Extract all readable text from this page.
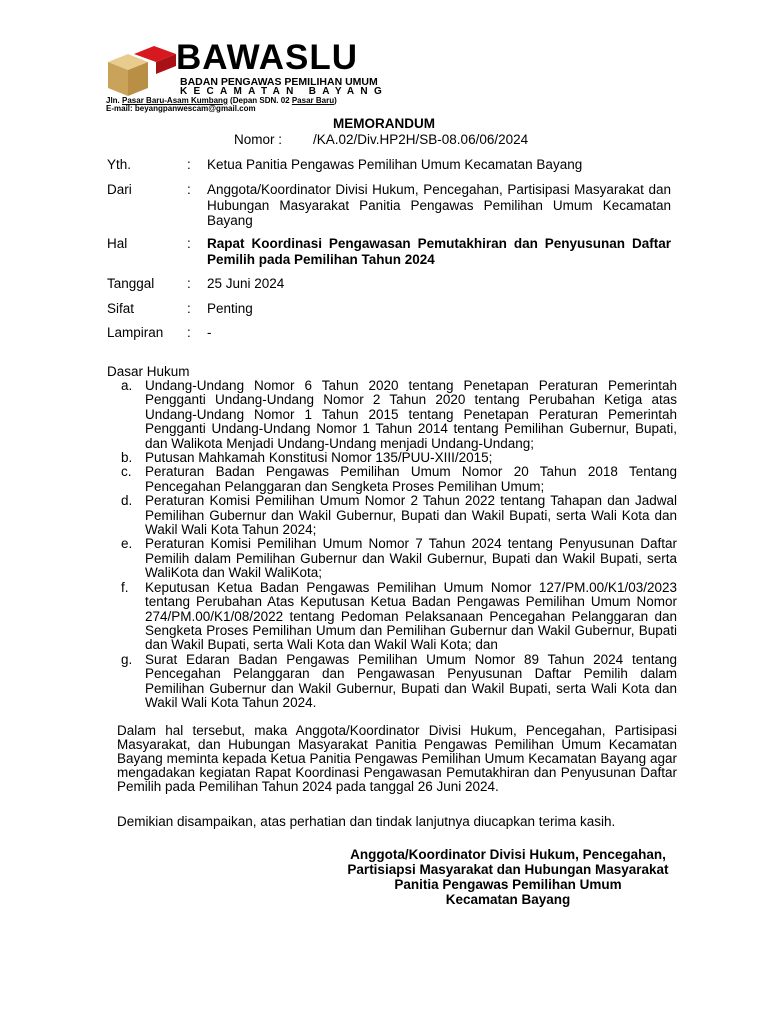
BAWASLU
BADAN PENGAWAS PEMILIHAN UMUM
KECAMATAN BAYANG
Jln. Pasar Baru-Asam Kumbang (Depan SDN. 02 Pasar Baru)
E-mail: beyangpanwescam@gmail.com
MEMORANDUM
Nomor : /KA.02/Div.HP2H/SB-08.06/06/2024
Yth.	: Ketua Panitia Pengawas Pemilihan Umum Kecamatan Bayang
Dari	: Anggota/Koordinator Divisi Hukum, Pencegahan, Partisipasi Masyarakat dan Hubungan Masyarakat Panitia Pengawas Pemilihan Umum Kecamatan Bayang
Hal	: Rapat Koordinasi Pengawasan Pemutakhiran dan Penyusunan Daftar Pemilih pada Pemilihan Tahun 2024
Tanggal : 25 Juni 2024
Sifat	: Penting
Lampiran : -
Dasar Hukum
a. Undang-Undang Nomor 6 Tahun 2020 tentang Penetapan Peraturan Pemerintah Pengganti Undang-Undang Nomor 2 Tahun 2020 tentang Perubahan Ketiga atas Undang-Undang Nomor 1 Tahun 2015 tentang Penetapan Peraturan Pemerintah Pengganti Undang-Undang Nomor 1 Tahun 2014 tentang Pemilihan Gubernur, Bupati, dan Walikota Menjadi Undang-Undang menjadi Undang-Undang;
b. Putusan Mahkamah Konstitusi Nomor 135/PUU-XIII/2015;
c. Peraturan Badan Pengawas Pemilihan Umum Nomor 20 Tahun 2018 Tentang Pencegahan Pelanggaran dan Sengketa Proses Pemilihan Umum;
d. Peraturan Komisi Pemilihan Umum Nomor 2 Tahun 2022 tentang Tahapan dan Jadwal Pemilihan Gubernur dan Wakil Gubernur, Bupati dan Wakil Bupati, serta Wali Kota dan Wakil Wali Kota Tahun 2024;
e. Peraturan Komisi Pemilihan Umum Nomor 7 Tahun 2024 tentang Penyusunan Daftar Pemilih dalam Pemilihan Gubernur dan Wakil Gubernur, Bupati dan Wakil Bupati, serta WaliKota dan Wakil WaliKota;
f. Keputusan Ketua Badan Pengawas Pemilihan Umum Nomor 127/PM.00/K1/03/2023 tentang Perubahan Atas Keputusan Ketua Badan Pengawas Pemilihan Umum Nomor 274/PM.00/K1/08/2022 tentang Pedoman Pelaksanaan Pencegahan Pelanggaran dan Sengketa Proses Pemilihan Umum dan Pemilihan Gubernur dan Wakil Gubernur, Bupati dan Wakil Bupati, serta Wali Kota dan Wakil Wali Kota; dan
g. Surat Edaran Badan Pengawas Pemilihan Umum Nomor 89 Tahun 2024 tentang Pencegahan Pelanggaran dan Pengawasan Penyusunan Daftar Pemilih dalam Pemilihan Gubernur dan Wakil Gubernur, Bupati dan Wakil Bupati, serta Wali Kota dan Wakil Wali Kota Tahun 2024.
Dalam hal tersebut, maka Anggota/Koordinator Divisi Hukum, Pencegahan, Partisipasi Masyarakat, dan Hubungan Masyarakat Panitia Pengawas Pemilihan Umum Kecamatan Bayang meminta kepada Ketua Panitia Pengawas Pemilihan Umum Kecamatan Bayang agar mengadakan kegiatan Rapat Koordinasi Pengawasan Pemutakhiran dan Penyusunan Daftar Pemilih pada Pemilihan Tahun 2024 pada tanggal 26 Juni 2024.
Demikian disampaikan, atas perhatian dan tindak lanjutnya diucapkan terima kasih.
Anggota/Koordinator Divisi Hukum, Pencegahan,
Partisiapsi Masyarakat dan Hubungan Masyarakat
Panitia Pengawas Pemilihan Umum
Kecamatan Bayang
